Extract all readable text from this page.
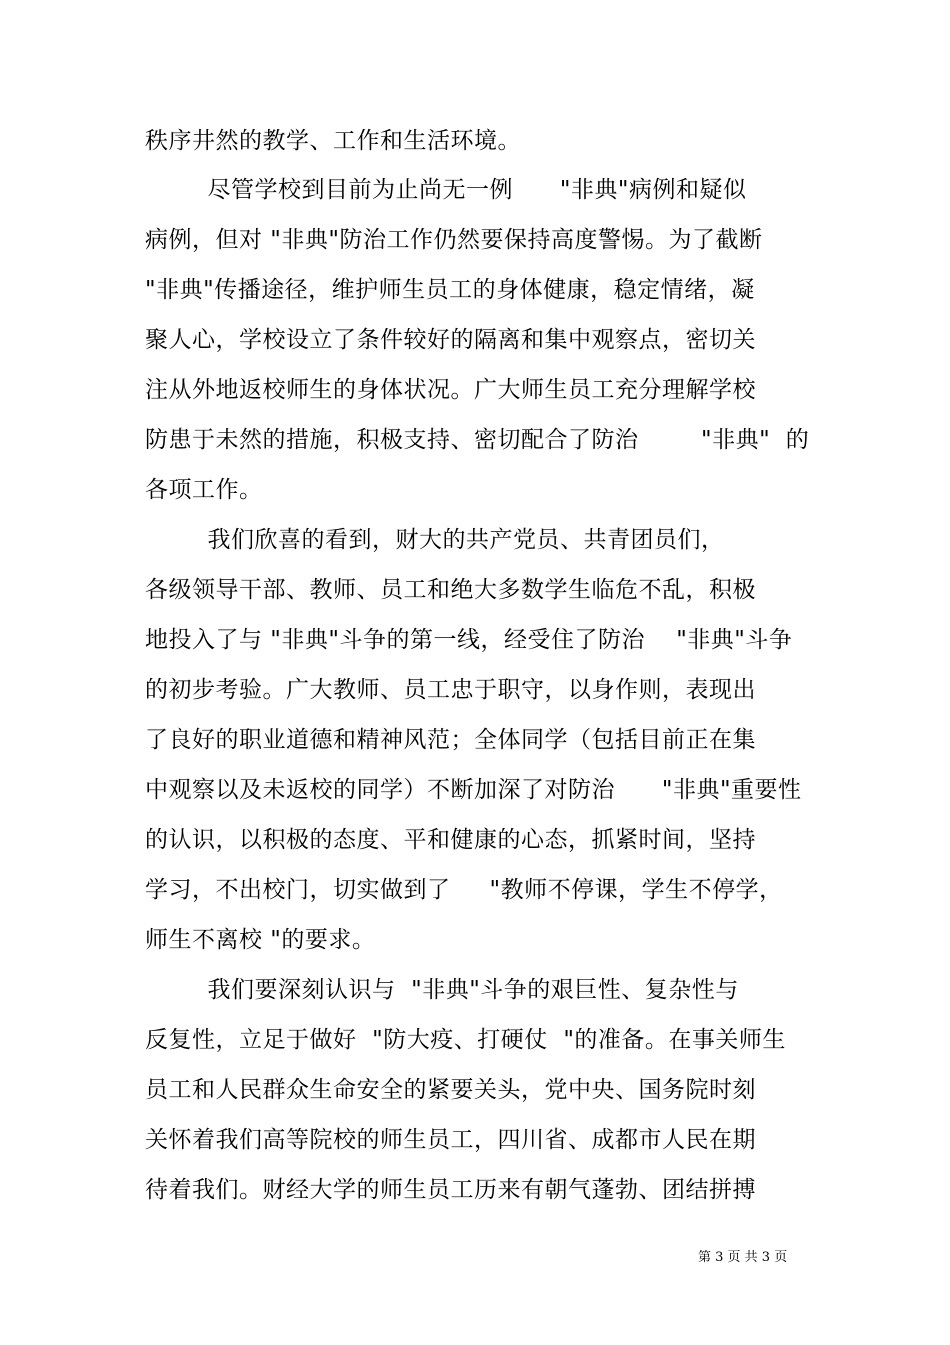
秩序井然的教学、工作和生活环境。
尽管学校到目前为止尚无一例      "非典"病例和疑似
病例，但对 "非典"防治工作仍然要保持高度警惕。为了截断
"非典"传播途径，维护师生员工的身体健康，稳定情绪，凝
聚人心，学校设立了条件较好的隔离和集中观察点，密切关
注从外地返校师生的身体状况。广大师生员工充分理解学校
防患于未然的措施，积极支持、密切配合了防治        "非典"  的
各项工作。
我们欣喜的看到，财大的共产党员、共青团员们，
各级领导干部、教师、员工和绝大多数学生临危不乱，积极
地投入了与 "非典"斗争的第一线，经受住了防治    "非典"斗争
的初步考验。广大教师、员工忠于职守，以身作则，表现出
了良好的职业道德和精神风范；全体同学（包括目前正在集
中观察以及未返校的同学）不断加深了对防治      "非典"重要性
的认识，以积极的态度、平和健康的心态，抓紧时间，坚持
学习，不出校门，切实做到了     "教师不停课，学生不停学，
师生不离校 "的要求。
我们要深刻认识与  "非典"斗争的艰巨性、复杂性与
反复性，立足于做好  "防大疫、打硬仗  "的准备。在事关师生
员工和人民群众生命安全的紧要关头，党中央、国务院时刻
关怀着我们高等院校的师生员工，四川省、成都市人民在期
待着我们。财经大学的师生员工历来有朝气蓬勃、团结拼搏
第 3 页 共 3 页
